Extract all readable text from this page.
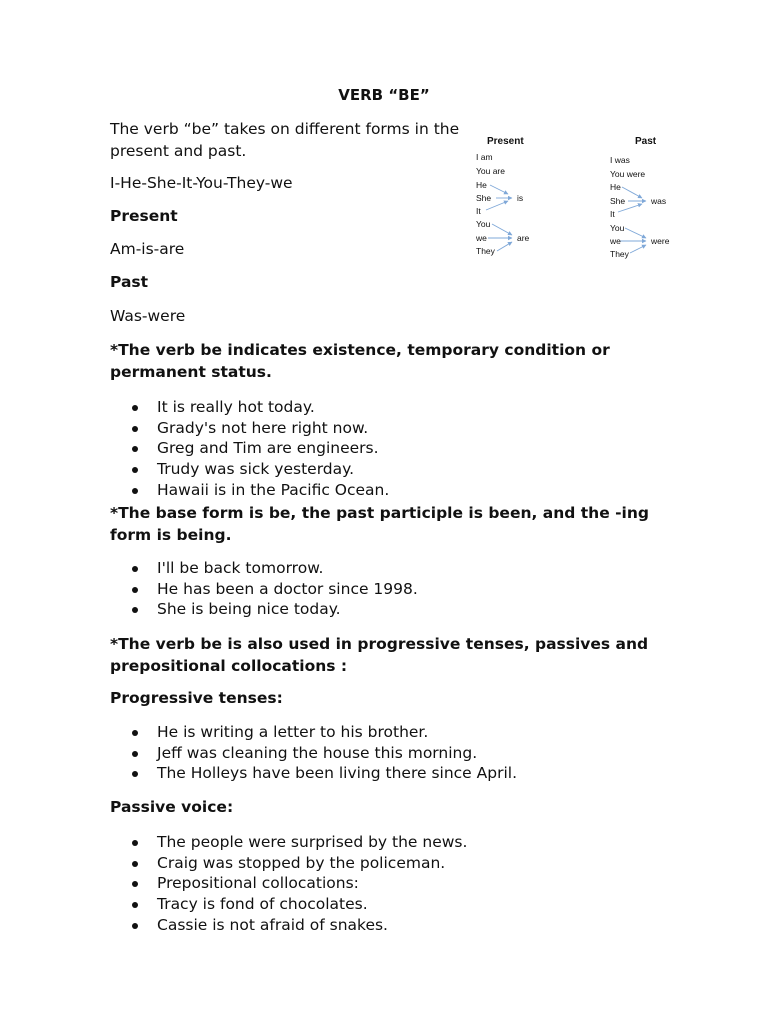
VERB “BE”
The verb “be” takes on different forms in the present and past.
I-He-She-It-You-They-we
Present
Am-is-are
Past
Was-were
Present
I am
You are
He
She
It
You
we
They
is
are
Past
I was
You were
He
She
It
You
we
They
was
were
*The verb be indicates existence, temporary condition or permanent status.
It is really hot today.
Grady's not here right now.
Greg and Tim are engineers.
Trudy was sick yesterday.
Hawaii is in the Pacific Ocean.
*The base form is be, the past participle is been, and the -ing form is being.
I'll be back tomorrow.
He has been a doctor since 1998.
She is being nice today.
*The verb be is also used in progressive tenses, passives and prepositional collocations :
Progressive tenses:
He is writing a letter to his brother.
Jeff was cleaning the house this morning.
The Holleys have been living there since April.
Passive voice:
The people were surprised by the news.
Craig was stopped by the policeman.
Prepositional collocations:
Tracy is fond of chocolates.
Cassie is not afraid of snakes.
